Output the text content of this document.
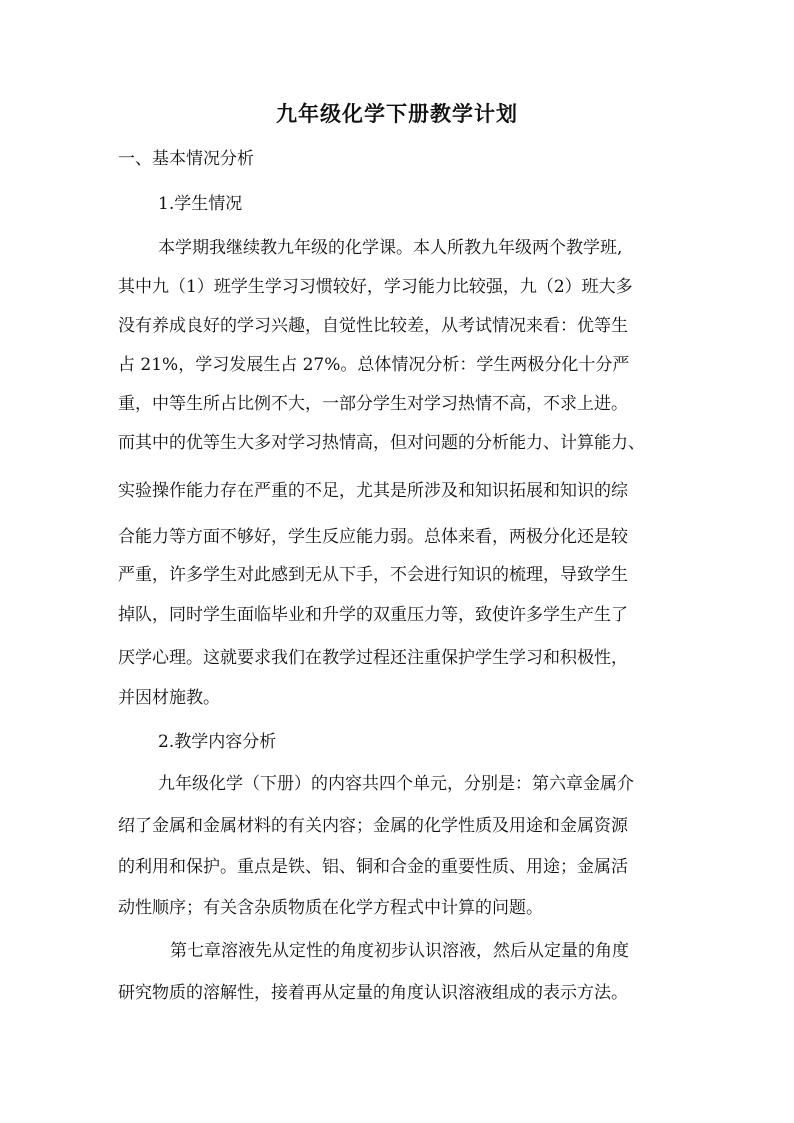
九年级化学下册教学计划
一、基本情况分析
1.学生情况
本学期我继续教九年级的化学课。本人所教九年级两个教学班,
其中九（1）班学生学习习惯较好，学习能力比较强，九（2）班大多
没有养成良好的学习兴趣，自觉性比较差，从考试情况来看：优等生
占 21%，学习发展生占 27%。总体情况分析：学生两极分化十分严
重，中等生所占比例不大，一部分学生对学习热情不高，不求上进。
而其中的优等生大多对学习热情高，但对问题的分析能力、计算能力、
实验操作能力存在严重的不足，尤其是所涉及和知识拓展和知识的综
合能力等方面不够好，学生反应能力弱。总体来看，两极分化还是较
严重，许多学生对此感到无从下手，不会进行知识的梳理，导致学生
掉队，同时学生面临毕业和升学的双重压力等，致使许多学生产生了
厌学心理。这就要求我们在教学过程还注重保护学生学习和积极性，
并因材施教。
2.教学内容分析
九年级化学（下册）的内容共四个单元，分别是：第六章金属介
绍了金属和金属材料的有关内容；金属的化学性质及用途和金属资源
的利用和保护。重点是铁、铝、铜和合金的重要性质、用途；金属活
动性顺序；有关含杂质物质在化学方程式中计算的问题。
第七章溶液先从定性的角度初步认识溶液，然后从定量的角度
研究物质的溶解性，接着再从定量的角度认识溶液组成的表示方法。
